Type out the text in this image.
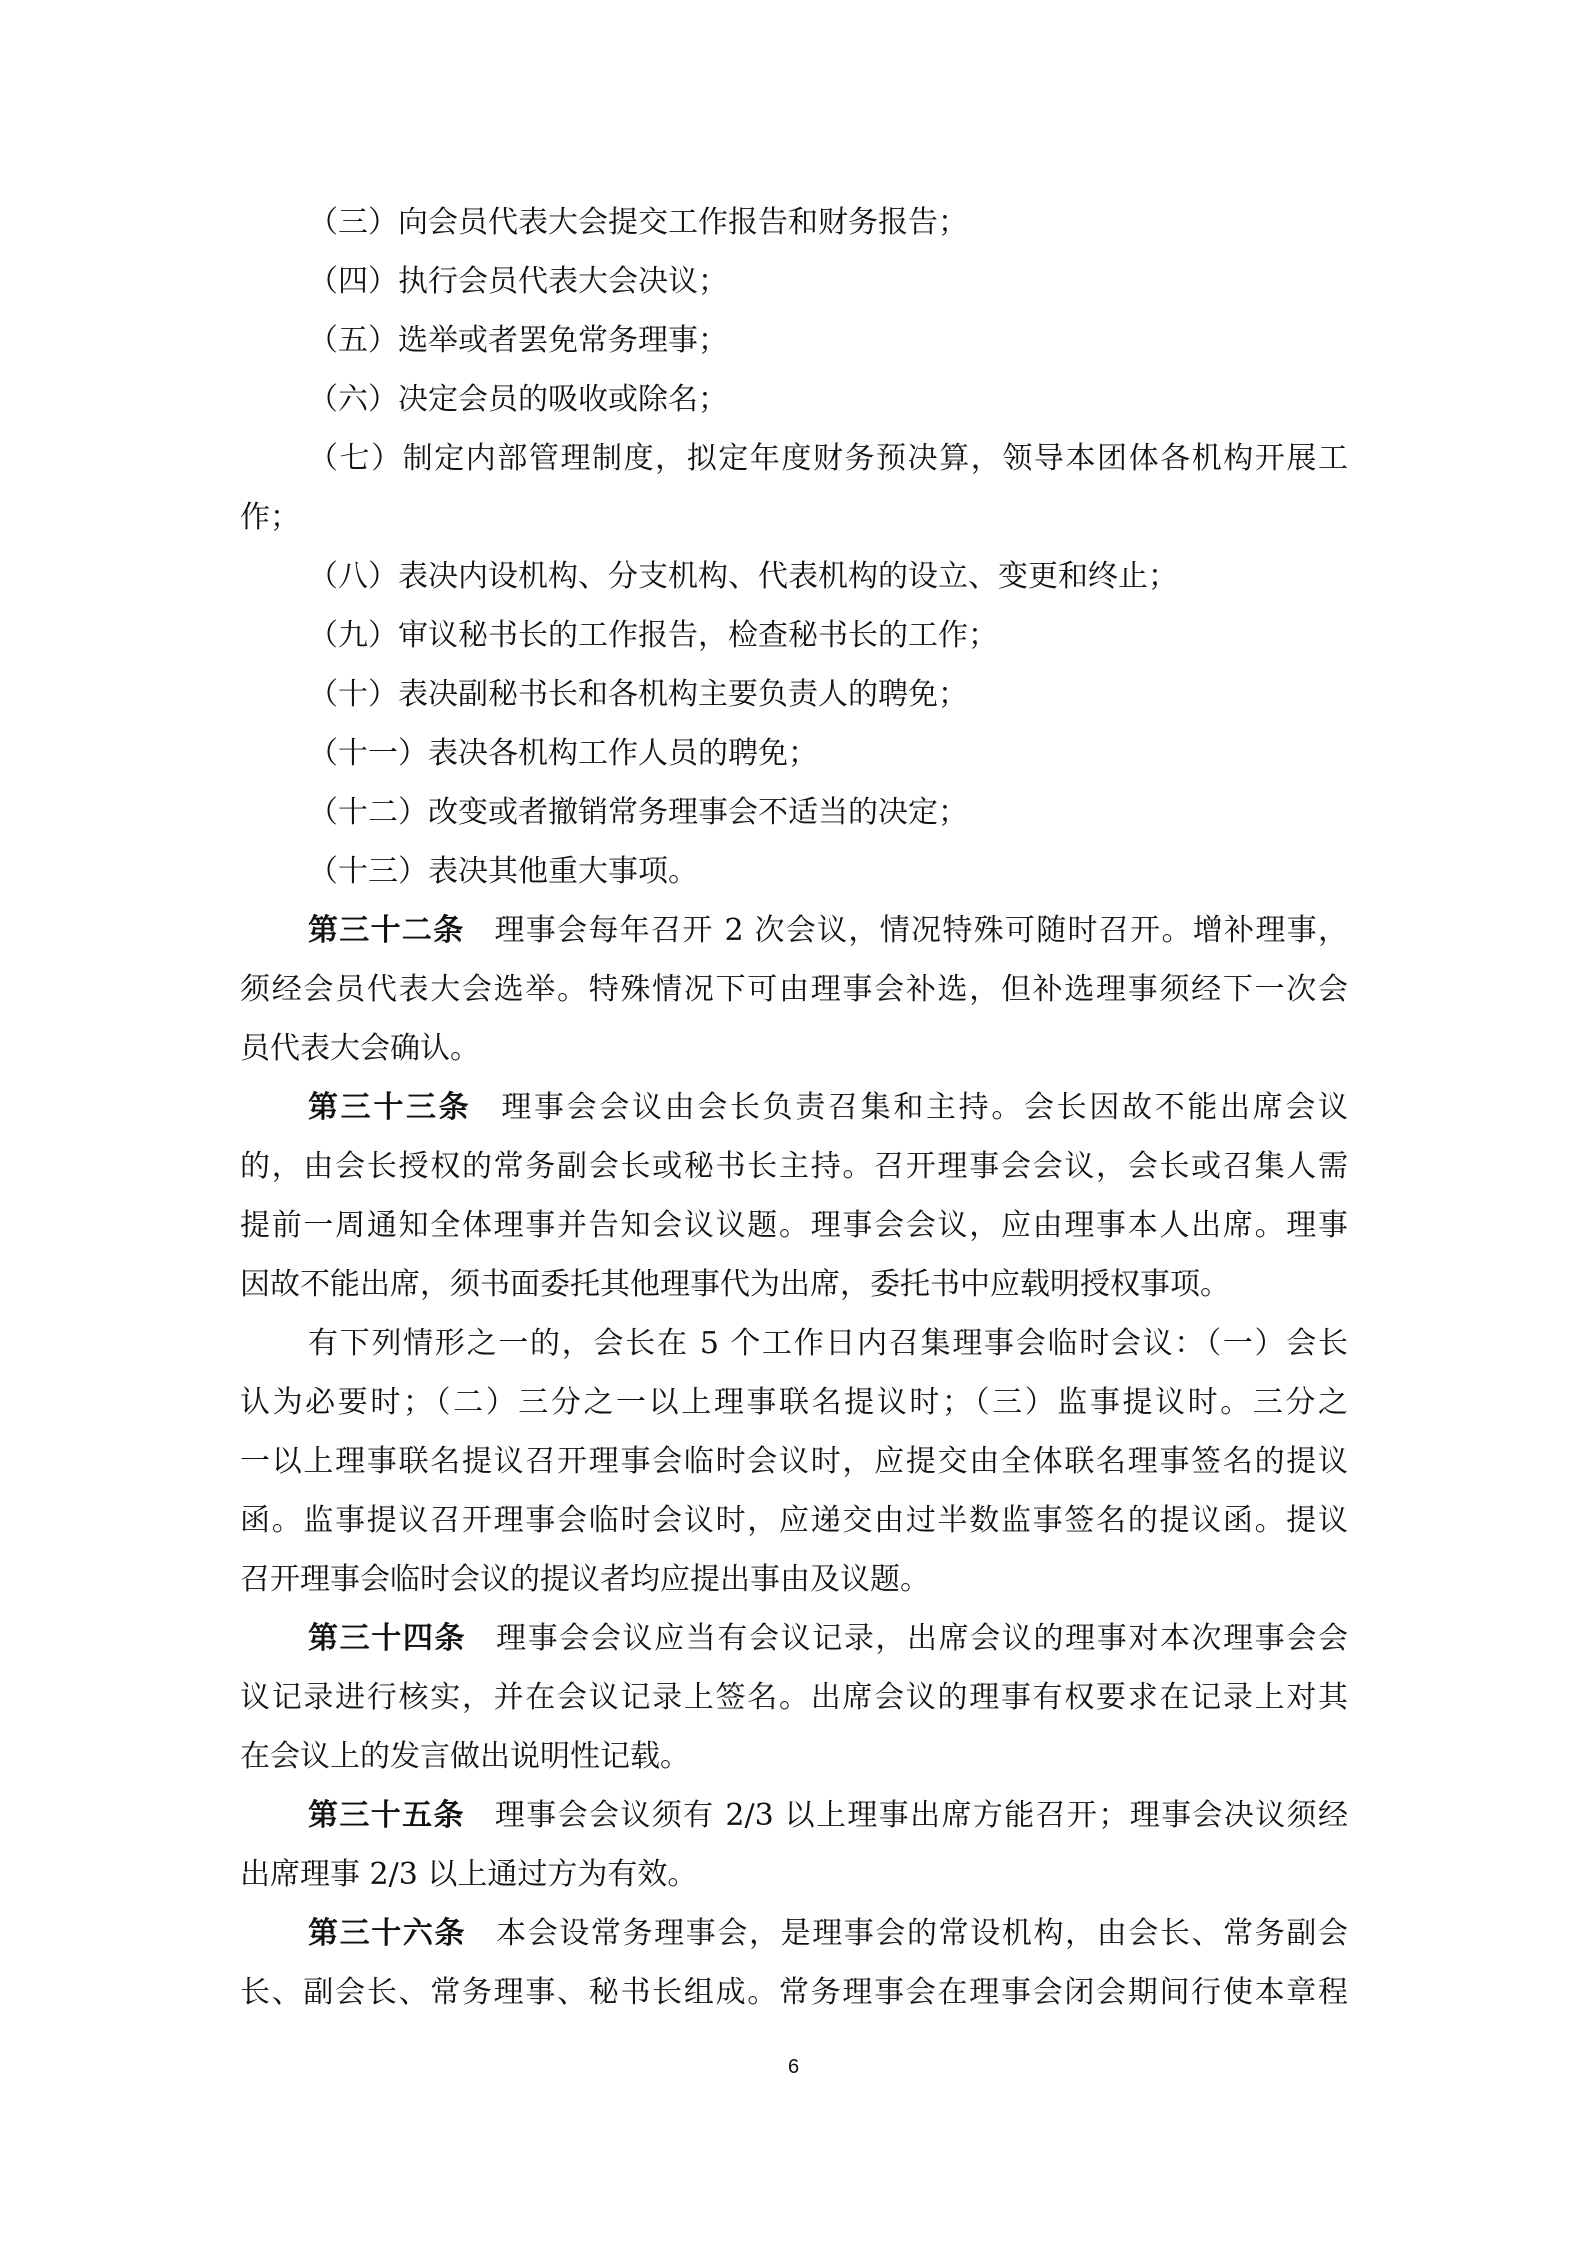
（三）向会员代表大会提交工作报告和财务报告；
（四）执行会员代表大会决议；
（五）选举或者罢免常务理事；
（六）决定会员的吸收或除名；
（七）制定内部管理制度，拟定年度财务预决算，领导本团体各机构开展工
作；
（八）表决内设机构、分支机构、代表机构的设立、变更和终止；
（九）审议秘书长的工作报告，检查秘书长的工作；
（十）表决副秘书长和各机构主要负责人的聘免；
（十一）表决各机构工作人员的聘免；
（十二）改变或者撤销常务理事会不适当的决定；
（十三）表决其他重大事项。
第三十二条 理事会每年召开 2 次会议，情况特殊可随时召开。增补理事，
须经会员代表大会选举。特殊情况下可由理事会补选，但补选理事须经下一次会
员代表大会确认。
第三十三条 理事会会议由会长负责召集和主持。会长因故不能出席会议
的，由会长授权的常务副会长或秘书长主持。召开理事会会议，会长或召集人需
提前一周通知全体理事并告知会议议题。理事会会议，应由理事本人出席。理事
因故不能出席，须书面委托其他理事代为出席，委托书中应载明授权事项。
有下列情形之一的，会长在 5 个工作日内召集理事会临时会议：（一）会长
认为必要时；（二）三分之一以上理事联名提议时；（三）监事提议时。三分之
一以上理事联名提议召开理事会临时会议时，应提交由全体联名理事签名的提议
函。监事提议召开理事会临时会议时，应递交由过半数监事签名的提议函。提议
召开理事会临时会议的提议者均应提出事由及议题。
第三十四条 理事会会议应当有会议记录，出席会议的理事对本次理事会会
议记录进行核实，并在会议记录上签名。出席会议的理事有权要求在记录上对其
在会议上的发言做出说明性记载。
第三十五条 理事会会议须有 2/3 以上理事出席方能召开；理事会决议须经
出席理事 2/3 以上通过方为有效。
第三十六条 本会设常务理事会，是理事会的常设机构，由会长、常务副会
长、副会长、常务理事、秘书长组成。常务理事会在理事会闭会期间行使本章程
6
